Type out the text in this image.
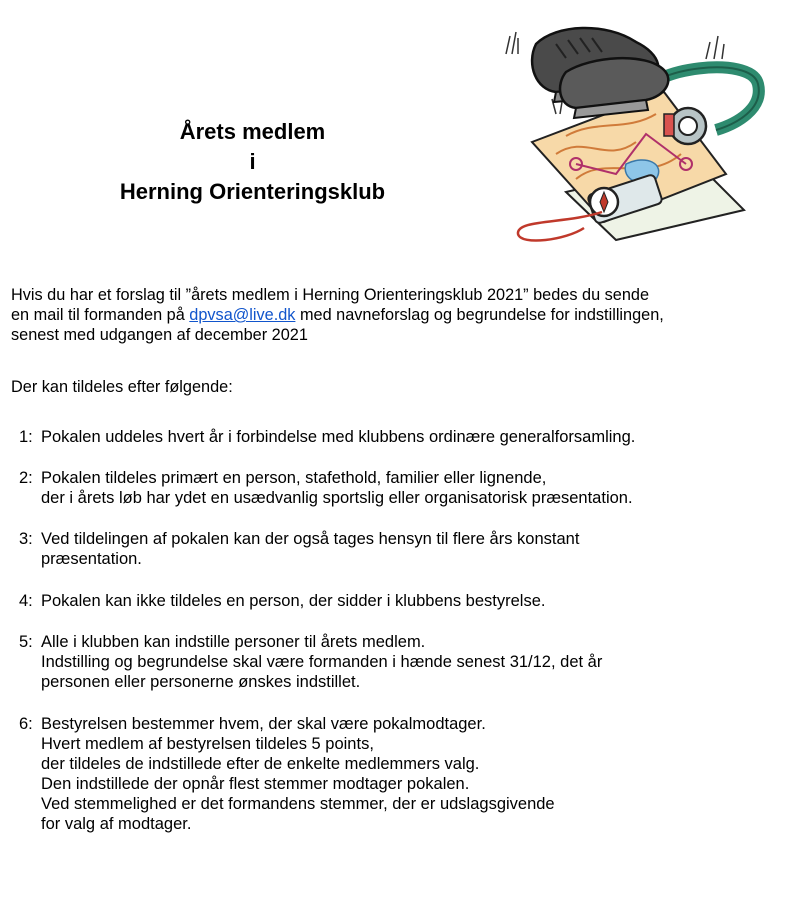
Årets medlem
i
Herning Orienteringsklub
Hvis du har et forslag til ”årets medlem i Herning Orienteringsklub 2021” bedes du sende
en mail til formanden på dpvsa@live.dk med navneforslag og begrundelse for indstillingen,
senest med udgangen af december 2021
Der kan tildeles efter følgende:
1: Pokalen uddeles hvert år i forbindelse med klubbens ordinære generalforsamling.
2: Pokalen tildeles primært en person, stafethold, familier eller lignende,
der i årets løb har ydet en usædvanlig sportslig eller organisatorisk præsentation.
3: Ved tildelingen af pokalen kan der også tages hensyn til flere års konstant
præsentation.
4: Pokalen kan ikke tildeles en person, der sidder i klubbens bestyrelse.
5: Alle i klubben kan indstille personer til årets medlem.
Indstilling og begrundelse skal være formanden i hænde senest 31/12, det år
personen eller personerne ønskes indstillet.
6: Bestyrelsen bestemmer hvem, der skal være pokalmodtager.
Hvert medlem af bestyrelsen tildeles 5 points,
der tildeles de indstillede efter de enkelte medlemmers valg.
Den indstillede der opnår flest stemmer modtager pokalen.
Ved stemmelighed er det formandens stemmer, der er udslagsgivende
for valg af modtager.
